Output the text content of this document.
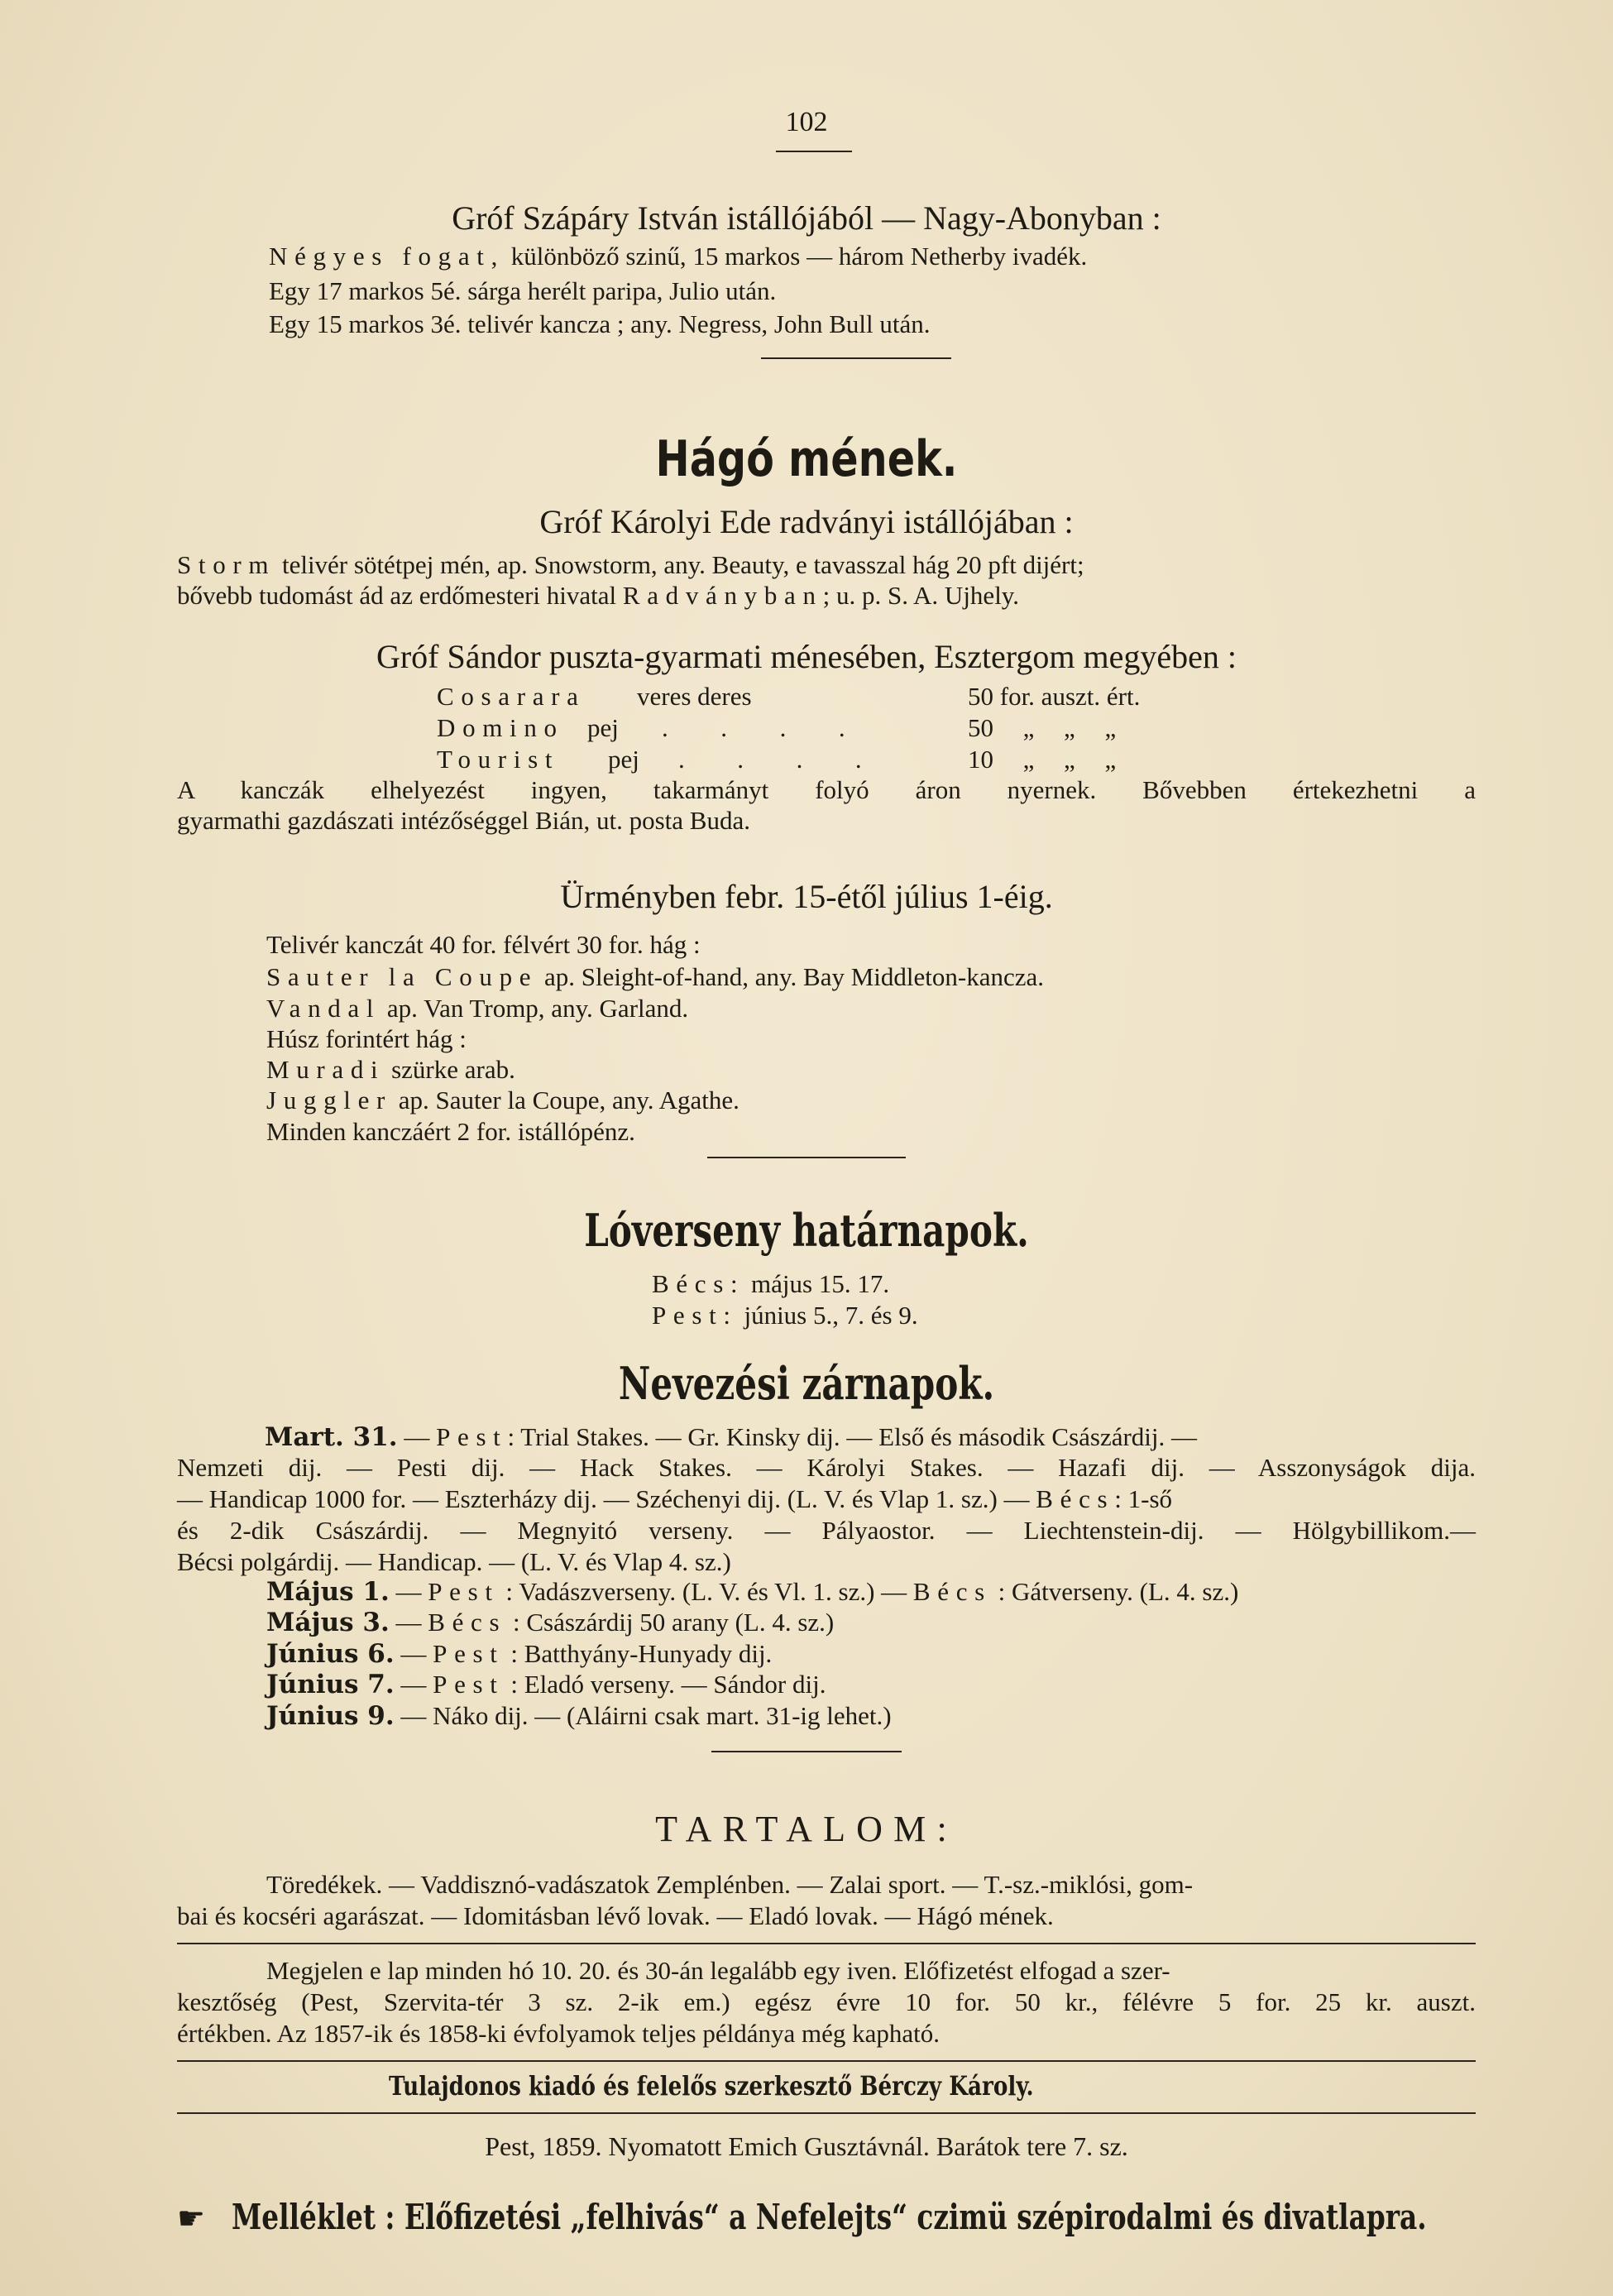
102
Gróf Szápáry István istállójából — Nagy-Abonyban :
Négyes fogat, különböző szinű, 15 markos — három Netherby ivadék.
Egy 17 markos 5é. sárga herélt paripa, Julio után.
Egy 15 markos 3é. telivér kancza ; any. Negress, John Bull után.
Hágó mének.
Gróf Károlyi Ede radványi istállójában :
Storm telivér sötétpej mén, ap. Snowstorm, any. Beauty, e tavasszal hág 20 pft dijért;
bővebb tudomást ád az erdőmesteri hivatal Radványban; u. p. S. A. Ujhely.
Gróf Sándor puszta-gyarmati ménesében, Esztergom megyében :
Cosarara veres deres	50 for. auszt. ért.
Domino pej . . . .	50 „ „ „
Tourist pej . . . .	10 „ „ „
A kanczák elhelyezést ingyen, takarmányt folyó áron nyernek. Bővebben értekezhetni a
gyarmathi gazdászati intézőséggel Bián, ut. posta Buda.
Ürményben febr. 15-étől július 1-éig.
Telivér kanczát 40 for. félvért 30 for. hág :
Sauter la Coupe ap. Sleight-of-hand, any. Bay Middleton-kancza.
Vandal ap. Van Tromp, any. Garland.
Húsz forintért hág :
Muradi szürke arab.
Juggler ap. Sauter la Coupe, any. Agathe.
Minden kanczáért 2 for. istállópénz.
Lóverseny határnapok.
Bécs: május 15. 17.
Pest: június 5., 7. és 9.
Nevezési zárnapok.
Mart. 31. — Pest: Trial Stakes. — Gr. Kinsky dij. — Első és második Császárdij. —
Nemzeti dij. — Pesti dij. — Hack Stakes. — Károlyi Stakes. — Hazafi dij. — Asszonyságok dija.
— Handicap 1000 for. — Eszterházy dij. — Széchenyi dij. (L. V. és Vlap 1. sz.) — Bécs: 1-ső
és 2-dik Császárdij. — Megnyitó verseny. — Pályaostor. — Liechtenstein-dij. — Hölgybillikom.—
Bécsi polgárdij. — Handicap. — (L. V. és Vlap 4. sz.)
Május 1. — Pest : Vadászverseny. (L. V. és Vl. 1. sz.) — Bécs : Gátverseny. (L. 4. sz.)
Május 3. — Bécs : Császárdij 50 arany (L. 4. sz.)
Június 6. — Pest : Batthyány-Hunyady dij.
Június 7. — Pest : Eladó verseny. — Sándor dij.
Június 9. — Náko dij. — (Aláirni csak mart. 31-ig lehet.)
TARTALOM:
Töredékek. — Vaddisznó-vadászatok Zemplénben. — Zalai sport. — T.-sz.-miklósi, gom-
bai és kocséri agarászat. — Idomitásban lévő lovak. — Eladó lovak. — Hágó mének.
Megjelen e lap minden hó 10. 20. és 30-án legalább egy iven. Előfizetést elfogad a szer-
kesztőség (Pest, Szervita-tér 3 sz. 2-ik em.) egész évre 10 for. 50 kr., félévre 5 for. 25 kr. auszt.
értékben. Az 1857-ik és 1858-ki évfolyamok teljes példánya még kapható.
Tulajdonos kiadó és felelős szerkesztő Bérczy Károly.
Pest, 1859. Nyomatott Emich Gusztávnál. Barátok tere 7. sz.
☛ Melléklet : Előfizetési „felhivás“ a Nefelejts“ czimü szépirodalmi és divatlapra.
